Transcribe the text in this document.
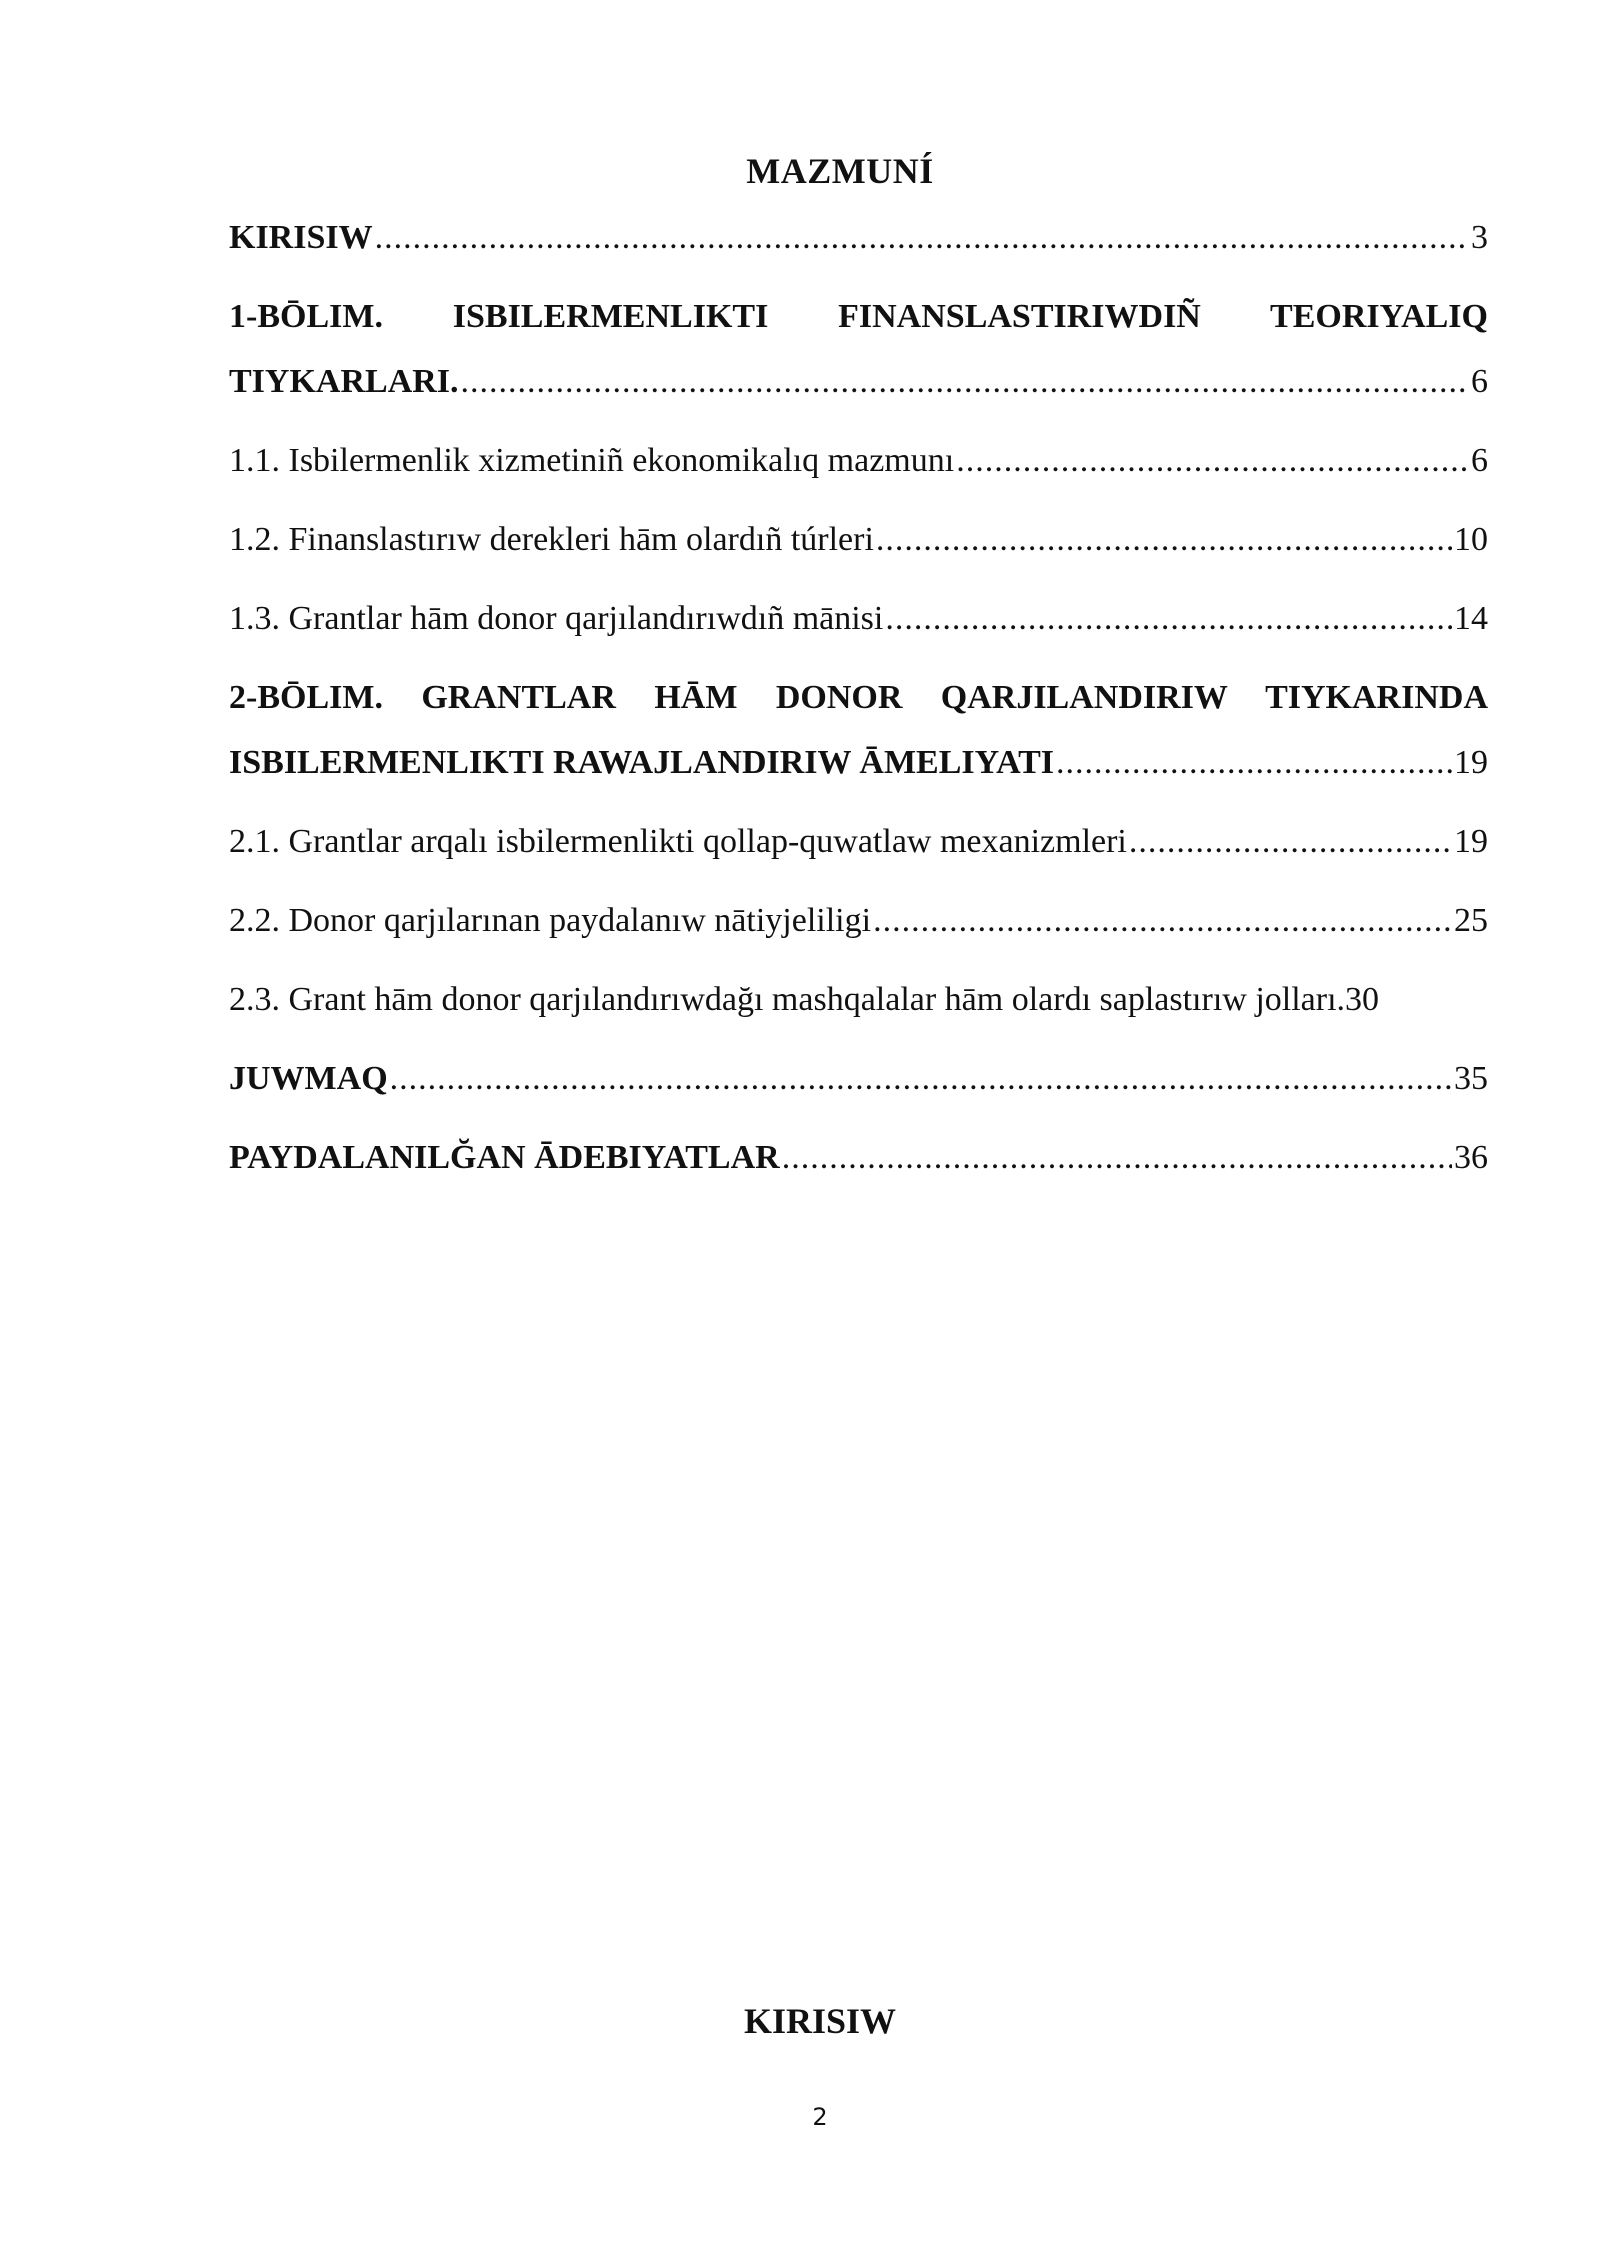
MAZMUNÍ
KIRISIW .....	3
1-BŌLIM. ISBILERMENLIKTI FINANSLASTIRIWDIÑ TEORIYALIQ
TIYKARLARI. .....	6
1.1. Isbilermenlik xizmetiniñ ekonomikalıq mazmunı .....	6
1.2. Finanslastırıw derekleri hām olardıñ túrleri .....	10
1.3. Grantlar hām donor qarjılandırıwdıñ mānisi .....	14
2-BŌLIM. GRANTLAR HĀM DONOR QARJILANDIRIW TIYKARINDA
ISBILERMENLIKTI RAWAJLANDIRIW ĀMELIYATI .....	19
2.1. Grantlar arqalı isbilermenlikti qollap-quwatlaw mexanizmleri .....	19
2.2. Donor qarjılarınan paydalanıw nātiyjeliligi .....	25
2.3. Grant hām donor qarjılandırıwdağı mashqalalar hām olardı saplastırıw jolları. 30
JUWMAQ .....	35
PAYDALANILĞAN ĀDEBIYATLAR .....	36
KIRISIW
2
